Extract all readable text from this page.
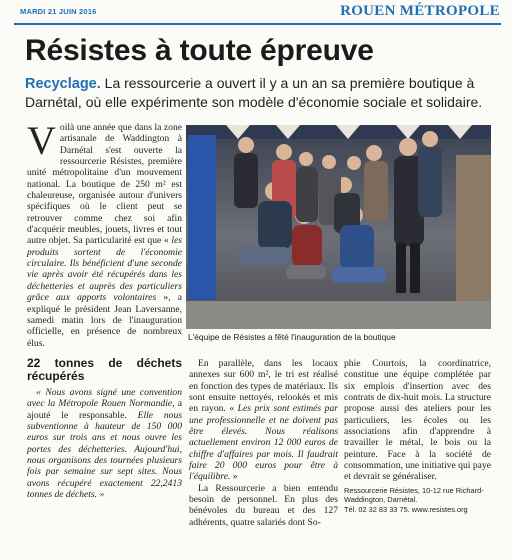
MARDI 21 JUIN 2016	ROUEN MÉTROPOLE
Résistes à toute épreuve
Recyclage. La ressourcerie a ouvert il y a un an sa première boutique à Darnétal, où elle expérimente son modèle d'économie sociale et solidaire.

Voilà une année que dans la zone artisanale de Waddington à Darnétal s'est ouverte la ressourcerie Résistes, première unité métropolitaine d'un mouvement national. La boutique de 250 m² est chaleureuse, organisée autour d'univers spécifiques où le client peut se retrouver comme chez soi afin d'acquérir meubles, jouets, livres et tout autre objet. Sa particularité est que « les produits sortent de l'économie circulaire. Ils bénéficient d'une seconde vie après avoir été récupérés dans les déchetteries et auprès des particuliers grâce aux apports volontaires », a expliqué le président Jean Laversanne, samedi matin lors de l'inauguration officielle, en présence de nombreux élus.

22 tonnes de déchets récupérés

« Nous avons signé une convention avec la Métropole Rouen Normandie, a ajouté le responsable. Elle nous subventionne à hauteur de 150 000 euros sur trois ans et nous ouvre les portes des déchetteries. Aujourd'hui, nous organisons des tournées plusieurs fois par semaine sur sept sites. Nous avons récupéré exactement 22,2413 tonnes de déchets. »

L'équipe de Résistes a fêté l'inauguration de la boutique

En parallèle, dans les locaux annexes sur 600 m², le tri est réalisé en fonction des types de matériaux. Ils sont ensuite nettoyés, relookés et mis en rayon. « Les prix sont estimés par une professionnelle et ne doivent pas être élevés. Nous réalisons actuellement environ 12 000 euros de chiffre d'affaires par mois. Il faudrait faire 20 000 euros pour être à l'équilibre. »

La Ressourcerie a bien entendu besoin de personnel. En plus des bénévoles du bureau et des 127 adhérents, quatre salariés dont So-

phie Courtois, la coordinatrice, constitue une équipe complétée par six emplois d'insertion avec des contrats de dix-huit mois. La structure propose aussi des ateliers pour les particuliers, les écoles ou les associations afin d'apprendre à travailler le métal, le bois ou la peinture. Face à la société de consommation, une initiative qui paye et devrait se généraliser.

Ressourcerie Résistes, 10-12 rue Richard-Waddington, Darnétal.
Tél. 02 32 83 33 75. www.resistes.org
